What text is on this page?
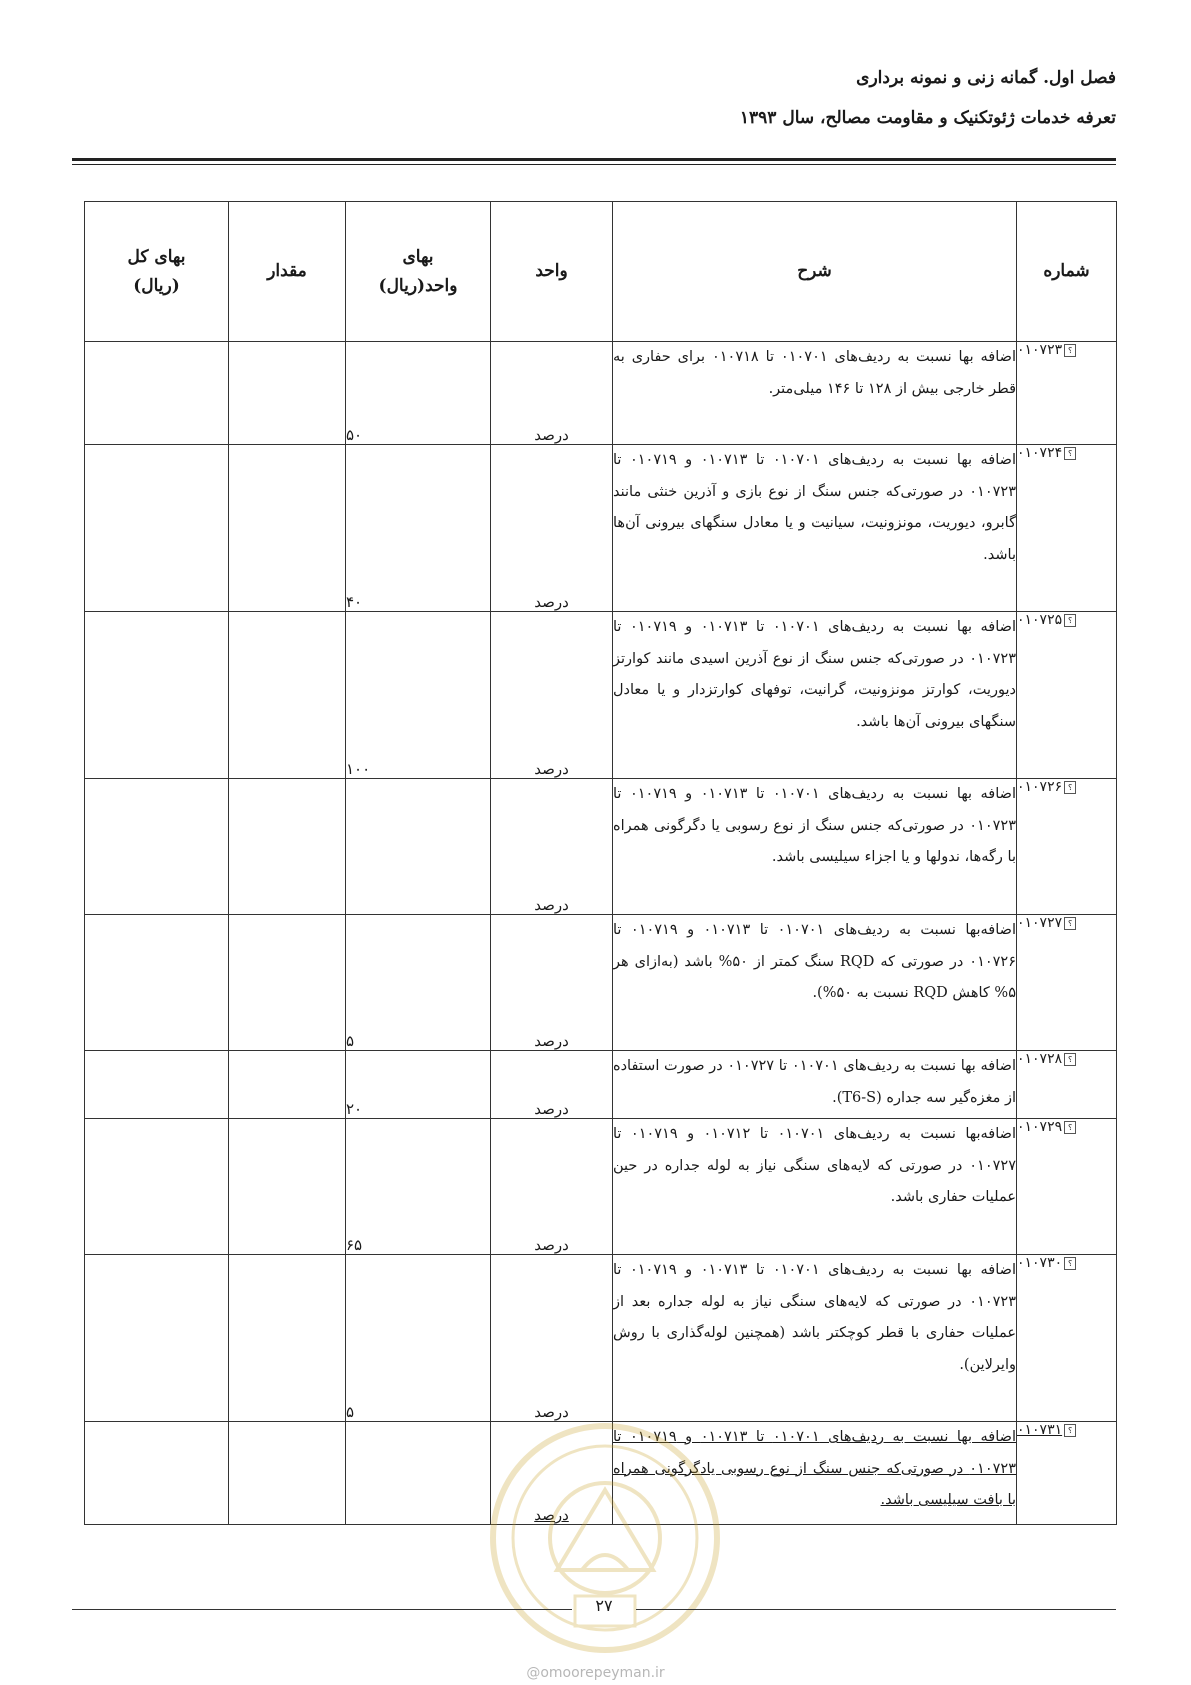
فصل اول. گمانه زنی و نمونه برداری
تعرفه خدمات ژئوتکنیک و مقاومت مصالح، سال ۱۳۹۳
شماره	شرح	واحد	بهای
واحد(ریال)	مقدار	بهای کل
(ریال)
؟۰۱۰۷۲۳	اضافه بها نسبت به ردیف‌های ۰۱۰۷۰۱ تا ۰۱۰۷۱۸ برای حفاری به قطر خارجی بیش از ۱۲۸ تا ۱۴۶ میلی‌متر.	درصد	۵۰		
؟۰۱۰۷۲۴	اضافه بها نسبت به ردیف‌های ۰۱۰۷۰۱ تا ۰۱۰۷۱۳ و ۰۱۰۷۱۹ تا ۰۱۰۷۲۳ در صورتی‌که جنس سنگ از نوع بازی و آذرین خنثی مانند گابرو، دیوریت، مونزونیت، سیانیت و یا معادل سنگهای بیرونی آن‌ها باشد.	درصد	۴۰		
؟۰۱۰۷۲۵	اضافه بها نسبت به ردیف‌های ۰۱۰۷۰۱ تا ۰۱۰۷۱۳ و ۰۱۰۷۱۹ تا ۰۱۰۷۲۳ در صورتی‌که جنس سنگ از نوع آذرین اسیدی مانند کوارتز دیوریت، کوارتز مونزونیت، گرانیت، توفهای کوارتزدار و یا معادل سنگهای بیرونی آن‌ها باشد.	درصد	۱۰۰		
؟۰۱۰۷۲۶	اضافه بها نسبت به ردیف‌های ۰۱۰۷۰۱ تا ۰۱۰۷۱۳ و ۰۱۰۷۱۹ تا ۰۱۰۷۲۳ در صورتی‌که جنس سنگ از نوع رسوبی یا دگرگونی همراه با رگه‌ها، ندولها و یا اجزاء سیلیسی باشد.	درصد			
؟۰۱۰۷۲۷	اضافه‌بها نسبت به ردیف‌های ۰۱۰۷۰۱ تا ۰۱۰۷۱۳ و ۰۱۰۷۱۹ تا ۰۱۰۷۲۶ در صورتی که RQD سنگ کمتر از ۵۰% باشد (به‌ازای هر ۵% کاهش RQD نسبت به ۵۰%).	درصد	۵		
؟۰۱۰۷۲۸	اضافه بها نسبت به ردیف‌های ۰۱۰۷۰۱ تا ۰۱۰۷۲۷ در صورت استفاده از مغزه‌گیر سه جداره (T6-S).	درصد	۲۰		
؟۰۱۰۷۲۹	اضافه‌بها نسبت به ردیف‌های ۰۱۰۷۰۱ تا ۰۱۰۷۱۲ و ۰۱۰۷۱۹ تا ۰۱۰۷۲۷ در صورتی که لایه‌های سنگی نیاز به لوله جداره در حین عملیات حفاری باشد.	درصد	۶۵		
؟۰۱۰۷۳۰	اضافه بها نسبت به ردیف‌های ۰۱۰۷۰۱ تا ۰۱۰۷۱۳ و ۰۱۰۷۱۹ تا ۰۱۰۷۲۳ در صورتی که لایه‌های سنگی نیاز به لوله جداره بعد از عملیات حفاری با قطر کوچکتر باشد (همچنین لوله‌گذاری با روش وایرلاین).	درصد	۵		
؟۰۱۰۷۳۱	اضافه بها نسبت به ردیف‌های ۰۱۰۷۰۱ تا ۰۱۰۷۱۳ و ۰۱۰۷۱۹ تا ۰۱۰۷۲۳ در صورتی‌که جنس سنگ از نوع رسوبی یادگرگونی همراه با بافت سیلیسی باشد.	درصد			
۲۷
@omoorepeyman.ir
